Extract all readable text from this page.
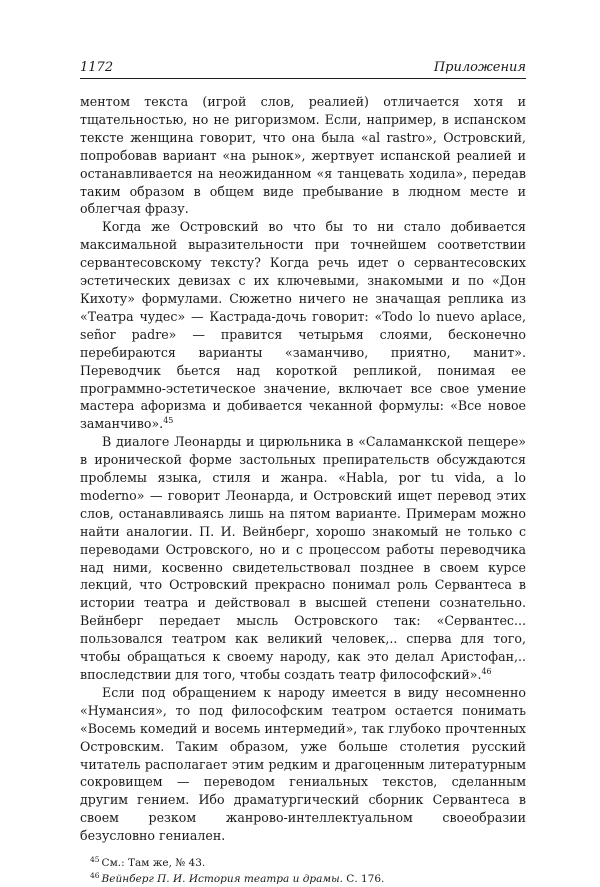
1172	Приложения

ментом текста (игрой слов, реалией) отличается хотя и тщательностью, но не ригоризмом. Если, например, в испанском тексте женщина говорит, что она была «al rastro», Островский, попробовав вариант «на рынок», жертвует испанской реалией и останавливается на неожиданном «я танцевать ходила», передав таким образом в общем виде пребывание в людном месте и облегчая фразу.

Когда же Островский во что бы то ни стало добивается максимальной выразительности при точнейшем соответствии сервантесовскому тексту? Когда речь идет о сервантесовских эстетических девизах с их ключевыми, знакомыми и по «Дон Кихоту» формулами. Сюжетно ничего не значащая реплика из «Театра чудес» — Кастрада-дочь говорит: «Todo lo nuevo aplace, señor padre» — правится четырьмя слоями, бесконечно перебираются варианты «заманчиво, приятно, манит». Переводчик бьется над короткой репликой, понимая ее программно-эстетическое значение, включает все свое умение мастера афоризма и добивается чеканной формулы: «Все новое заманчиво».$^{45}$

В диалоге Леонарды и цирюльника в «Саламанкской пещере» в иронической форме застольных препирательств обсуждаются проблемы языка, стиля и жанра. «Habla, por tu vida, a lo moderno» — говорит Леонарда, и Островский ищет перевод этих слов, останавливаясь лишь на пятом варианте. Примерам можно найти аналогии. П. И. Вейнберг, хорошо знакомый не только с переводами Островского, но и с процессом работы переводчика над ними, косвенно свидетельствовал позднее в своем курсе лекций, что Островский прекрасно понимал роль Сервантеса в истории театра и действовал в высшей степени сознательно. Вейнберг передает мысль Островского так: «Сервантес... пользовался театром как великий человек,.. сперва для того, чтобы обращаться к своему народу, как это делал Аристофан,.. впоследствии для того, чтобы создать театр философский».$^{46}$

Если под обращением к народу имеется в виду несомненно «Нумансия», то под философским театром остается понимать «Восемь комедий и восемь интермедий», так глубоко прочтенных Островским. Таким образом, уже больше столетия русский читатель располагает этим редким и драгоценным литературным сокровищем — переводом гениальных текстов, сделанным другим гением. Ибо драматургический сборник Сервантеса в своем резком жанрово-интеллектуальном своеобразии безусловно гениален.

$^{45}$ См.: Там же, № 43.

$^{46}$ Вейнберг П. И. История театра и драмы. С. 176.
